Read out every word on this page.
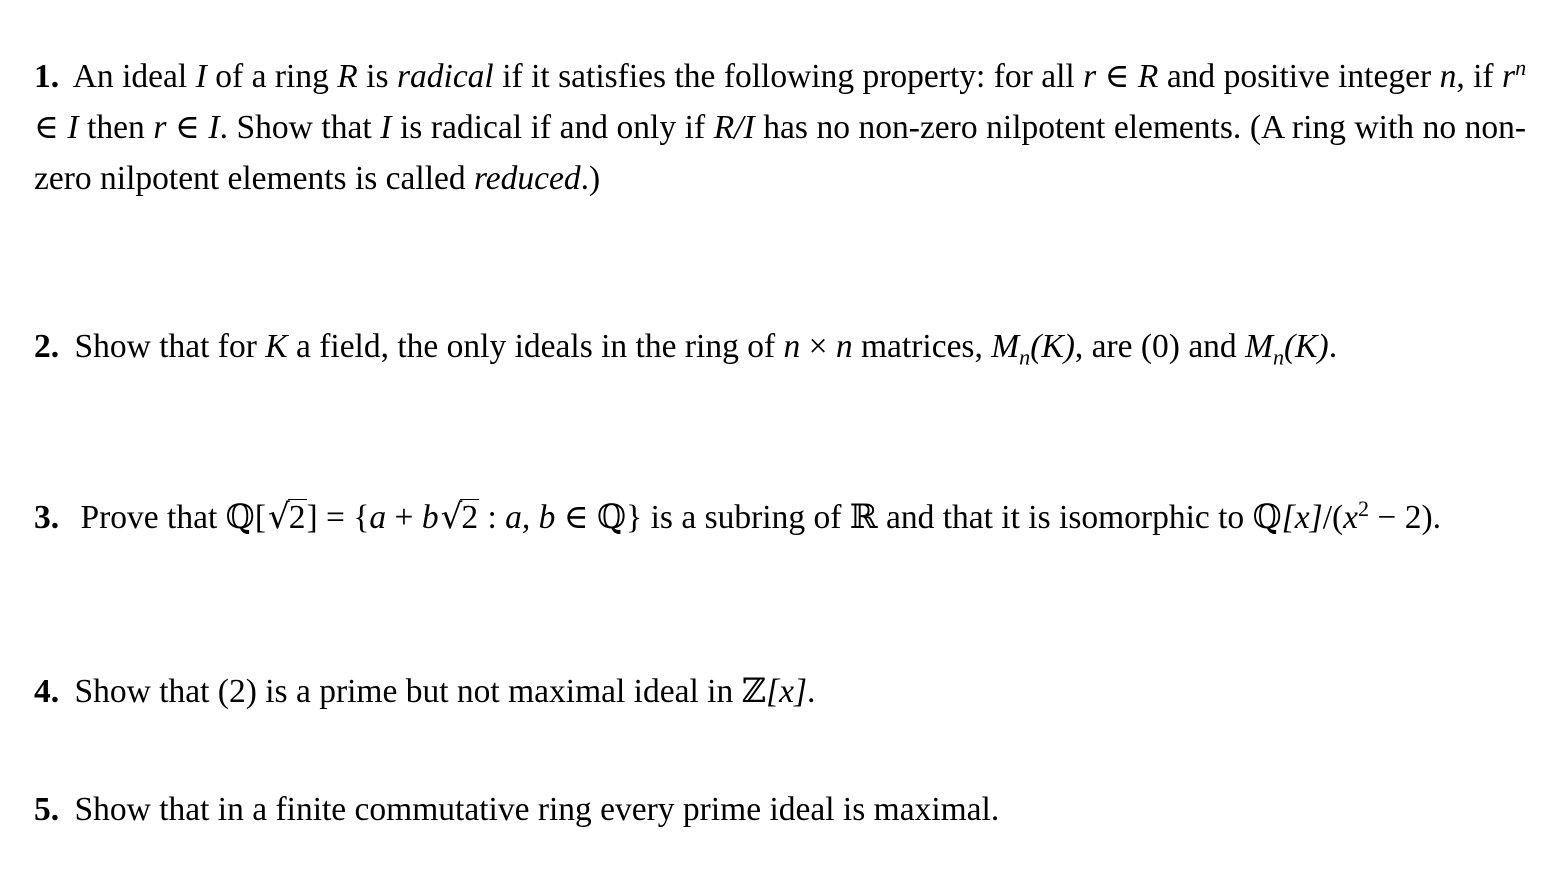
1. An ideal I of a ring R is radical if it satisfies the following property: for all r ∈ R and positive integer n, if $r^n$ ∈ I then r ∈ I. Show that I is radical if and only if R/I has no non-zero nilpotent elements. (A ring with no non-zero nilpotent elements is called reduced.)

2. Show that for K a field, the only ideals in the ring of n × n matrices, $M_n(K)$, are (0) and $M_n(K)$.

3. Prove that ℚ[√2] = {a + b√2 : a, b ∈ ℚ} is a subring of ℝ and that it is isomorphic to $ℚ[x]/(x^2 - 2)$.

4. Show that (2) is a prime but not maximal ideal in ℤ[x].

5. Show that in a finite commutative ring every prime ideal is maximal.
